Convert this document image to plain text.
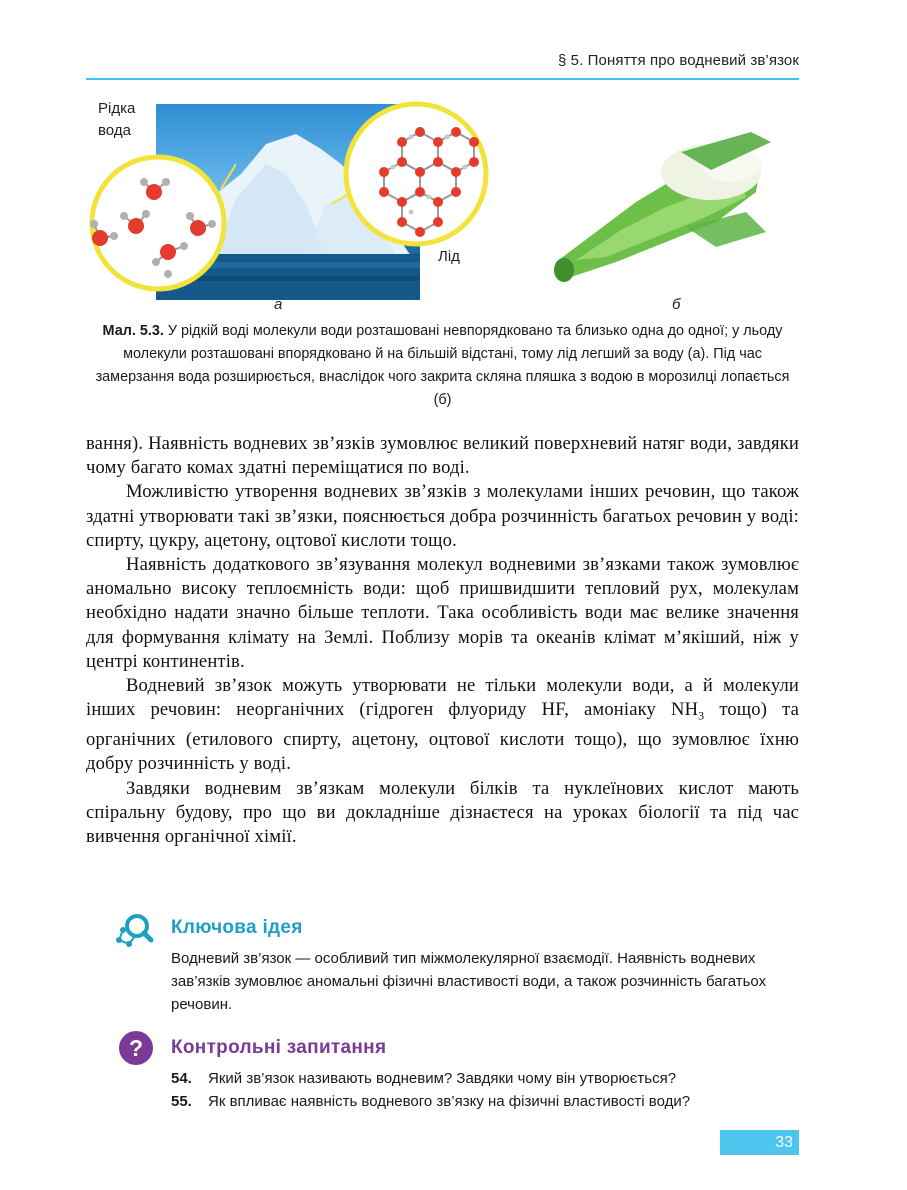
§ 5. Поняття про водневий зв’язок
Рідка
вода
Лід
а	б
Мал. 5.3. У рідкій воді молекули води розташовані невпорядковано та близько одна до одної; у льоду молекули розташовані впорядковано й на більшій відстані, тому лід легший за воду (а). Під час замерзання вода розширюється, внаслідок чого закрита скляна пляшка з водою в морозилці лопається (б)

вання). Наявність водневих зв’язків зумовлює великий поверхневий натяг води, завдяки чому багато комах здатні переміщатися по воді.

Можливістю утворення водневих зв’язків з молекулами інших речовин, що також здатні утворювати такі зв’язки, пояснюється добра розчинність багатьох речовин у воді: спирту, цукру, ацетону, оцтової кислоти тощо.

Наявність додаткового зв’язування молекул водневими зв’язками також зумовлює аномально високу теплоємність води: щоб пришвидшити тепловий рух, молекулам необхідно надати значно більше теплоти. Така особливість води має велике значення для формування клімату на Землі. Поблизу морів та океанів клімат м’якіший, ніж у центрі континентів.

Водневий зв’язок можуть утворювати не тільки молекули води, а й молекули інших речовин: неорганічних (гідроген флуориду HF, амоніаку $NH_3$ тощо) та органічних (етилового спирту, ацетону, оцтової кислоти тощо), що зумовлює їхню добру розчинність у воді.

Завдяки водневим зв’язкам молекули білків та нуклеїнових кислот мають спіральну будову, про що ви докладніше дізнаєтеся на уроках біології та під час вивчення органічної хімії.

Ключова ідея
Водневий зв’язок — особливий тип міжмолекулярної взаємодії. Наявність водневих зав’язків зумовлює аномальні фізичні властивості води, а також розчинність багатьох речовин.
? Контрольні запитання
54.	Який зв’язок називають водневим? Завдяки чому він утворюється?
55.	Як впливає наявність водневого зв’язку на фізичні властивості води?
33
